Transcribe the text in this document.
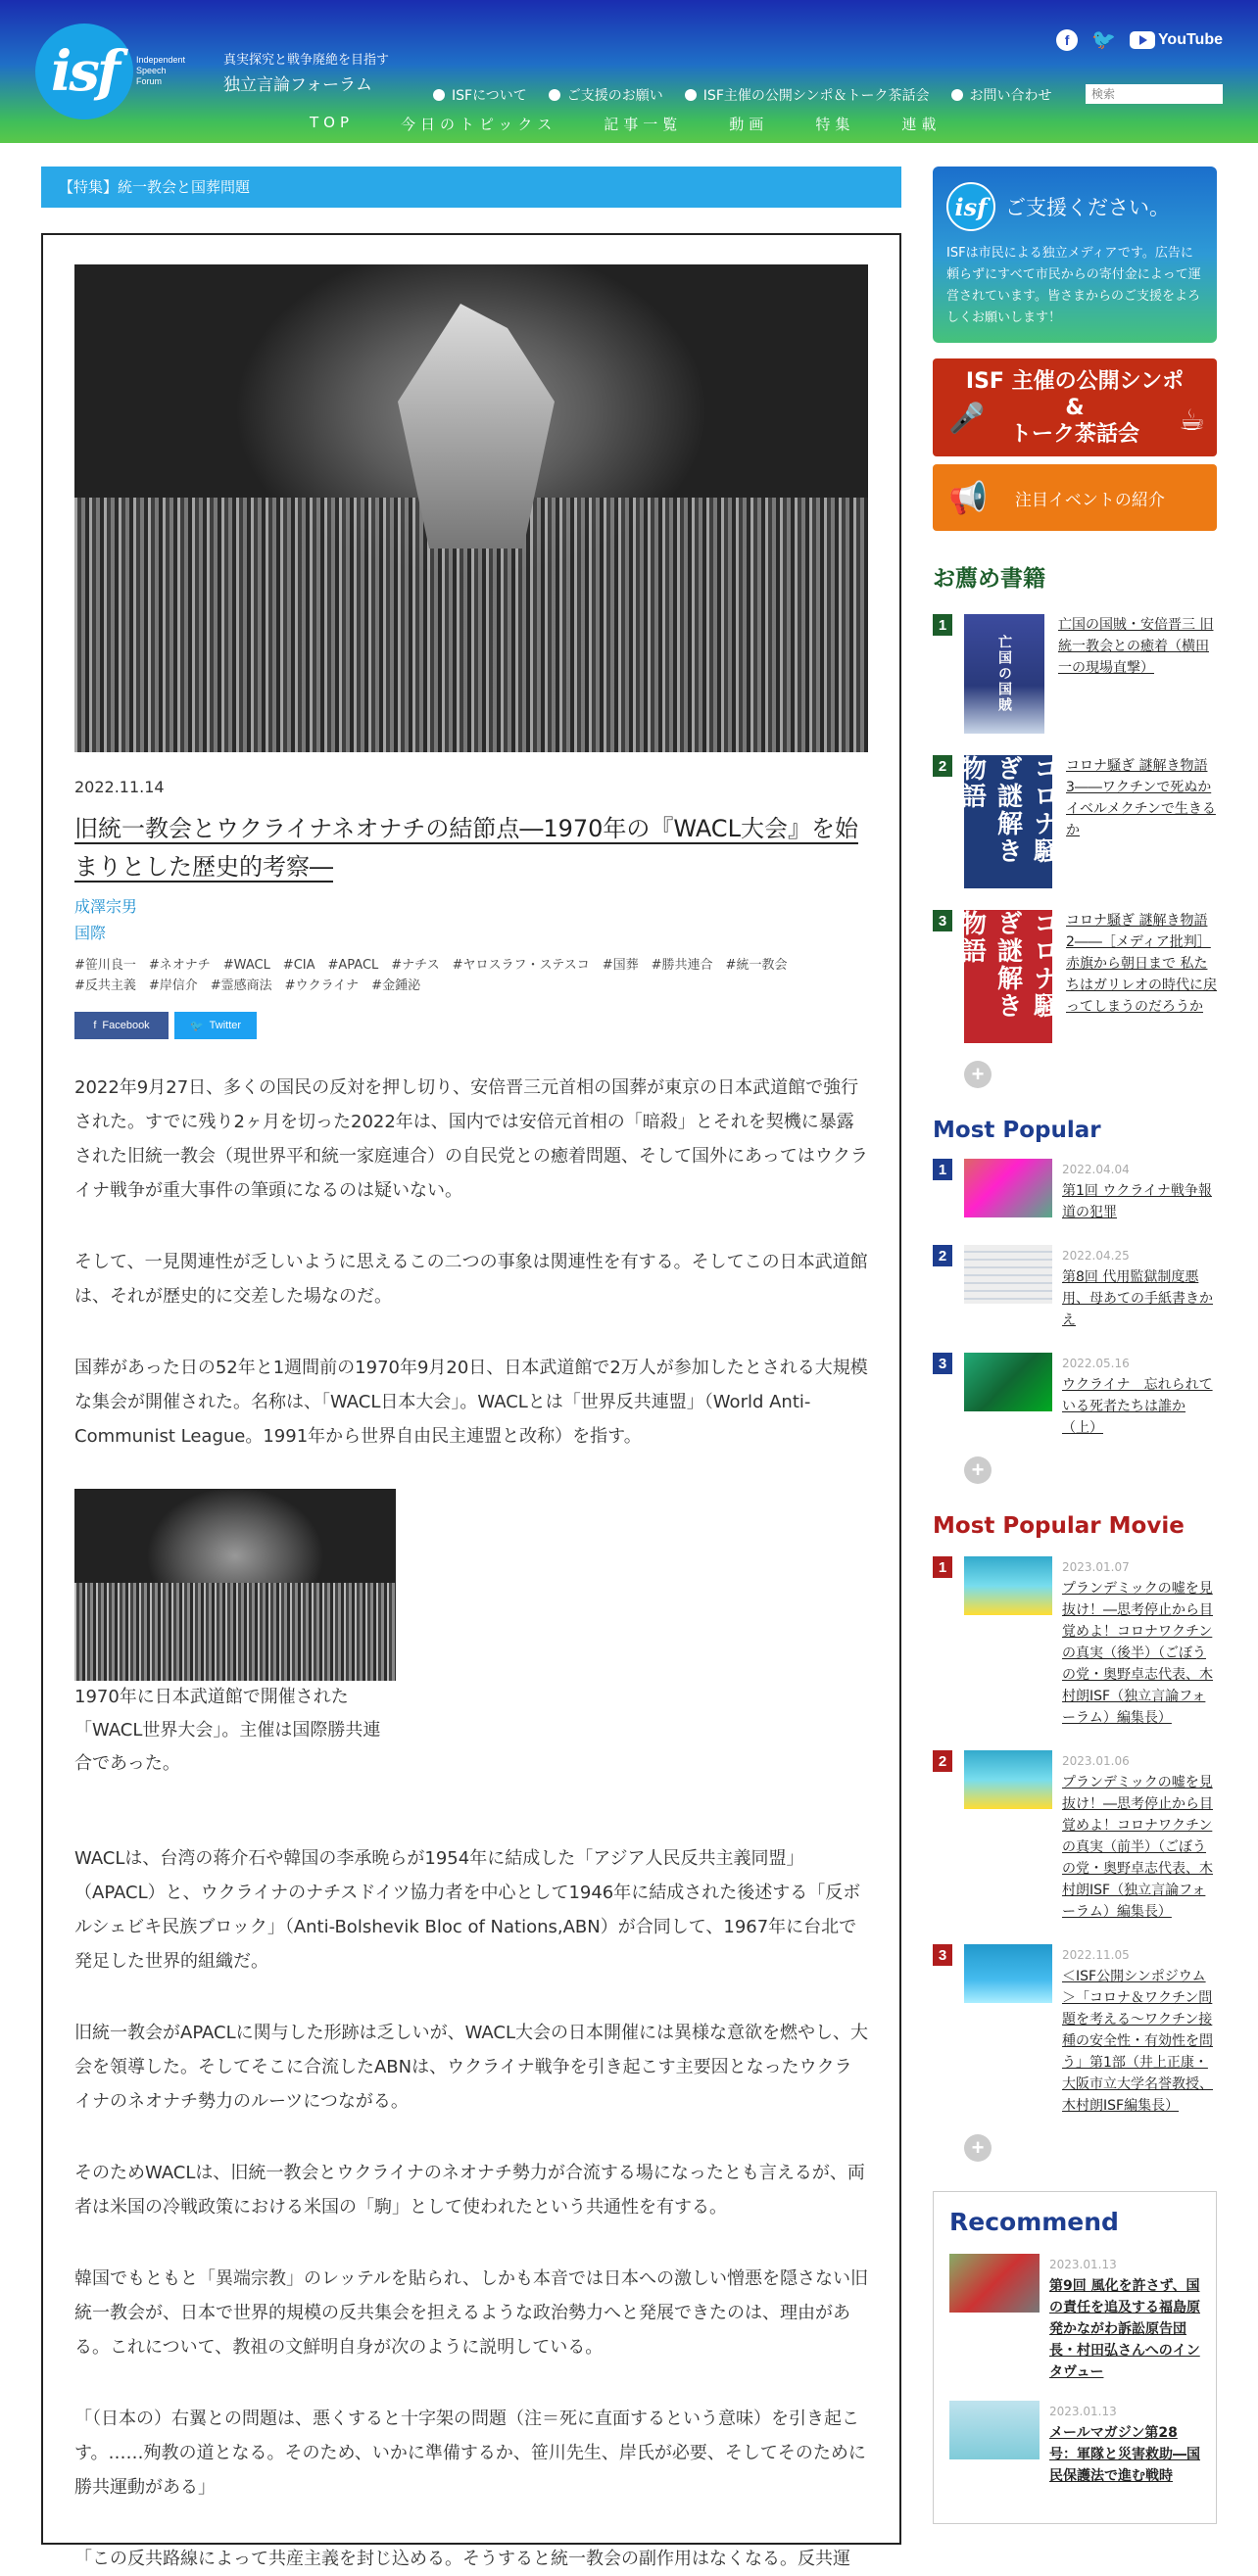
isf	Independent
Speech
Forum
真実探究と戦争廃絶を目指す
独立言論フォーラム
f	🐦	YouTube
ISFについて	ご支援のお願い	ISF主催の公開シンポ＆トーク茶話会	お問い合わせ
検索
TOP	今日のトピックス	記事一覧	動画	特集	連載
【特集】統一教会と国葬問題
2022.11.14
旧統一教会とウクライナネオナチの結節点―1970年の『WACL大会』を始まりとした歴史的考察―
成澤宗男
国際
#笹川良一　#ネオナチ　#WACL　#CIA　#APACL　#ナチス　#ヤロスラフ・ステスコ　#国葬　#勝共連合　#統一教会
#反共主義　#岸信介　#霊感商法　#ウクライナ　#金鍾泌
f Facebook	🐦 Twitter

2022年9月27日、多くの国民の反対を押し切り、安倍晋三元首相の国葬が東京の日本武道館で強行された。すでに残り2ヶ月を切った2022年は、国内では安倍元首相の「暗殺」とそれを契機に暴露された旧統一教会（現世界平和統一家庭連合）の自民党との癒着問題、そして国外にあってはウクライナ戦争が重大事件の筆頭になるのは疑いない。

そして、一見関連性が乏しいように思えるこの二つの事象は関連性を有する。そしてこの日本武道館は、それが歴史的に交差した場なのだ。

国葬があった日の52年と1週間前の1970年9月20日、日本武道館で2万人が参加したとされる大規模な集会が開催された。名称は、「WACL日本大会」。WACLとは「世界反共連盟」（World Anti-Communist League。1991年から世界自由民主連盟と改称）を指す。

1970年に日本武道館で開催された「WACL世界大会」。主催は国際勝共連合であった。

WACLは、台湾の蒋介石や韓国の李承晩らが1954年に結成した「アジア人民反共主義同盟」（APACL）と、ウクライナのナチスドイツ協力者を中心として1946年に結成された後述する「反ボルシェビキ民族ブロック」（Anti-Bolshevik Bloc of Nations,ABN）が合同して、1967年に台北で発足した世界的組織だ。

旧統一教会がAPACLに関与した形跡は乏しいが、WACL大会の日本開催には異様な意欲を燃やし、大会を領導した。そしてそこに合流したABNは、ウクライナ戦争を引き起こす主要因となったウクライナのネオナチ勢力のルーツにつながる。

そのためWACLは、旧統一教会とウクライナのネオナチ勢力が合流する場になったとも言えるが、両者は米国の冷戦政策における米国の「駒」として使われたという共通性を有する。

韓国でもともと「異端宗教」のレッテルを貼られ、しかも本音では日本への激しい憎悪を隠さない旧統一教会が、日本で世界的規模の反共集会を担えるような政治勢力へと発展できたのは、理由がある。これについて、教祖の文鮮明自身が次のように説明している。

「（日本の）右翼との問題は、悪くすると十字架の問題（注＝死に直面するという意味）を引き起こす。……殉教の道となる。そのため、いかに準備するか、笹川先生、岸氏が必要、そしてそのために勝共運動がある」

「この反共路線によって共産主義を封じ込める。そうすると統一教会の副作用はなくなる。反共運

isf ご支援ください。
ISFは市民による独立メディアです。広告に頼らずにすべて市民からの寄付金によって運営されています。皆さまからのご支援をよろしくお願いします！
ISF 主催の公開シンポ
&
トーク茶話会
🎤	☕
📢 注目イベントの紹介
お薦め書籍
1
亡国の国賊
亡国の国賊・安倍晋三 旧統一教会との癒着（横田一の現場直撃）
2	コロナ騒ぎ謎解き物語	コロナ騒ぎ 謎解き物語3――ワクチンで死ぬかイベルメクチンで生きるか
3	コロナ騒ぎ謎解き物語	コロナ騒ぎ 謎解き物語2――［メディア批判］赤旗から朝日まで 私たちはガリレオの時代に戻ってしまうのだろうか
+
Most Popular
1	2022.04.04
第1回 ウクライナ戦争報道の犯罪
2	2022.04.25
第8回 代用監獄制度悪用、母あての手紙書きかえ
3	2022.05.16
ウクライナ　忘れられている死者たちは誰か（上）
+
Most Popular Movie
1	2023.01.07
プランデミックの嘘を見抜け！―思考停止から目覚めよ！コロナワクチンの真実（後半）（ごぼうの党・奥野卓志代表、木村朗ISF（独立言論フォーラム）編集長）
2	2023.01.06
プランデミックの嘘を見抜け！―思考停止から目覚めよ！コロナワクチンの真実（前半）（ごぼうの党・奥野卓志代表、木村朗ISF（独立言論フォーラム）編集長）
3	2022.11.05
＜ISF公開シンポジウム＞「コロナ＆ワクチン問題を考える～ワクチン接種の安全性・有効性を問う」第1部（井上正康・大阪市立大学名誉教授、木村朗ISF編集長）
+
Recommend
2023.01.13
第9回 風化を許さず、国の責任を追及する福島原発かながわ訴訟原告団長・村田弘さんへのインタヴュー
2023.01.13
メールマガジン第28号：軍隊と災害救助―国民保護法で進む戦時
